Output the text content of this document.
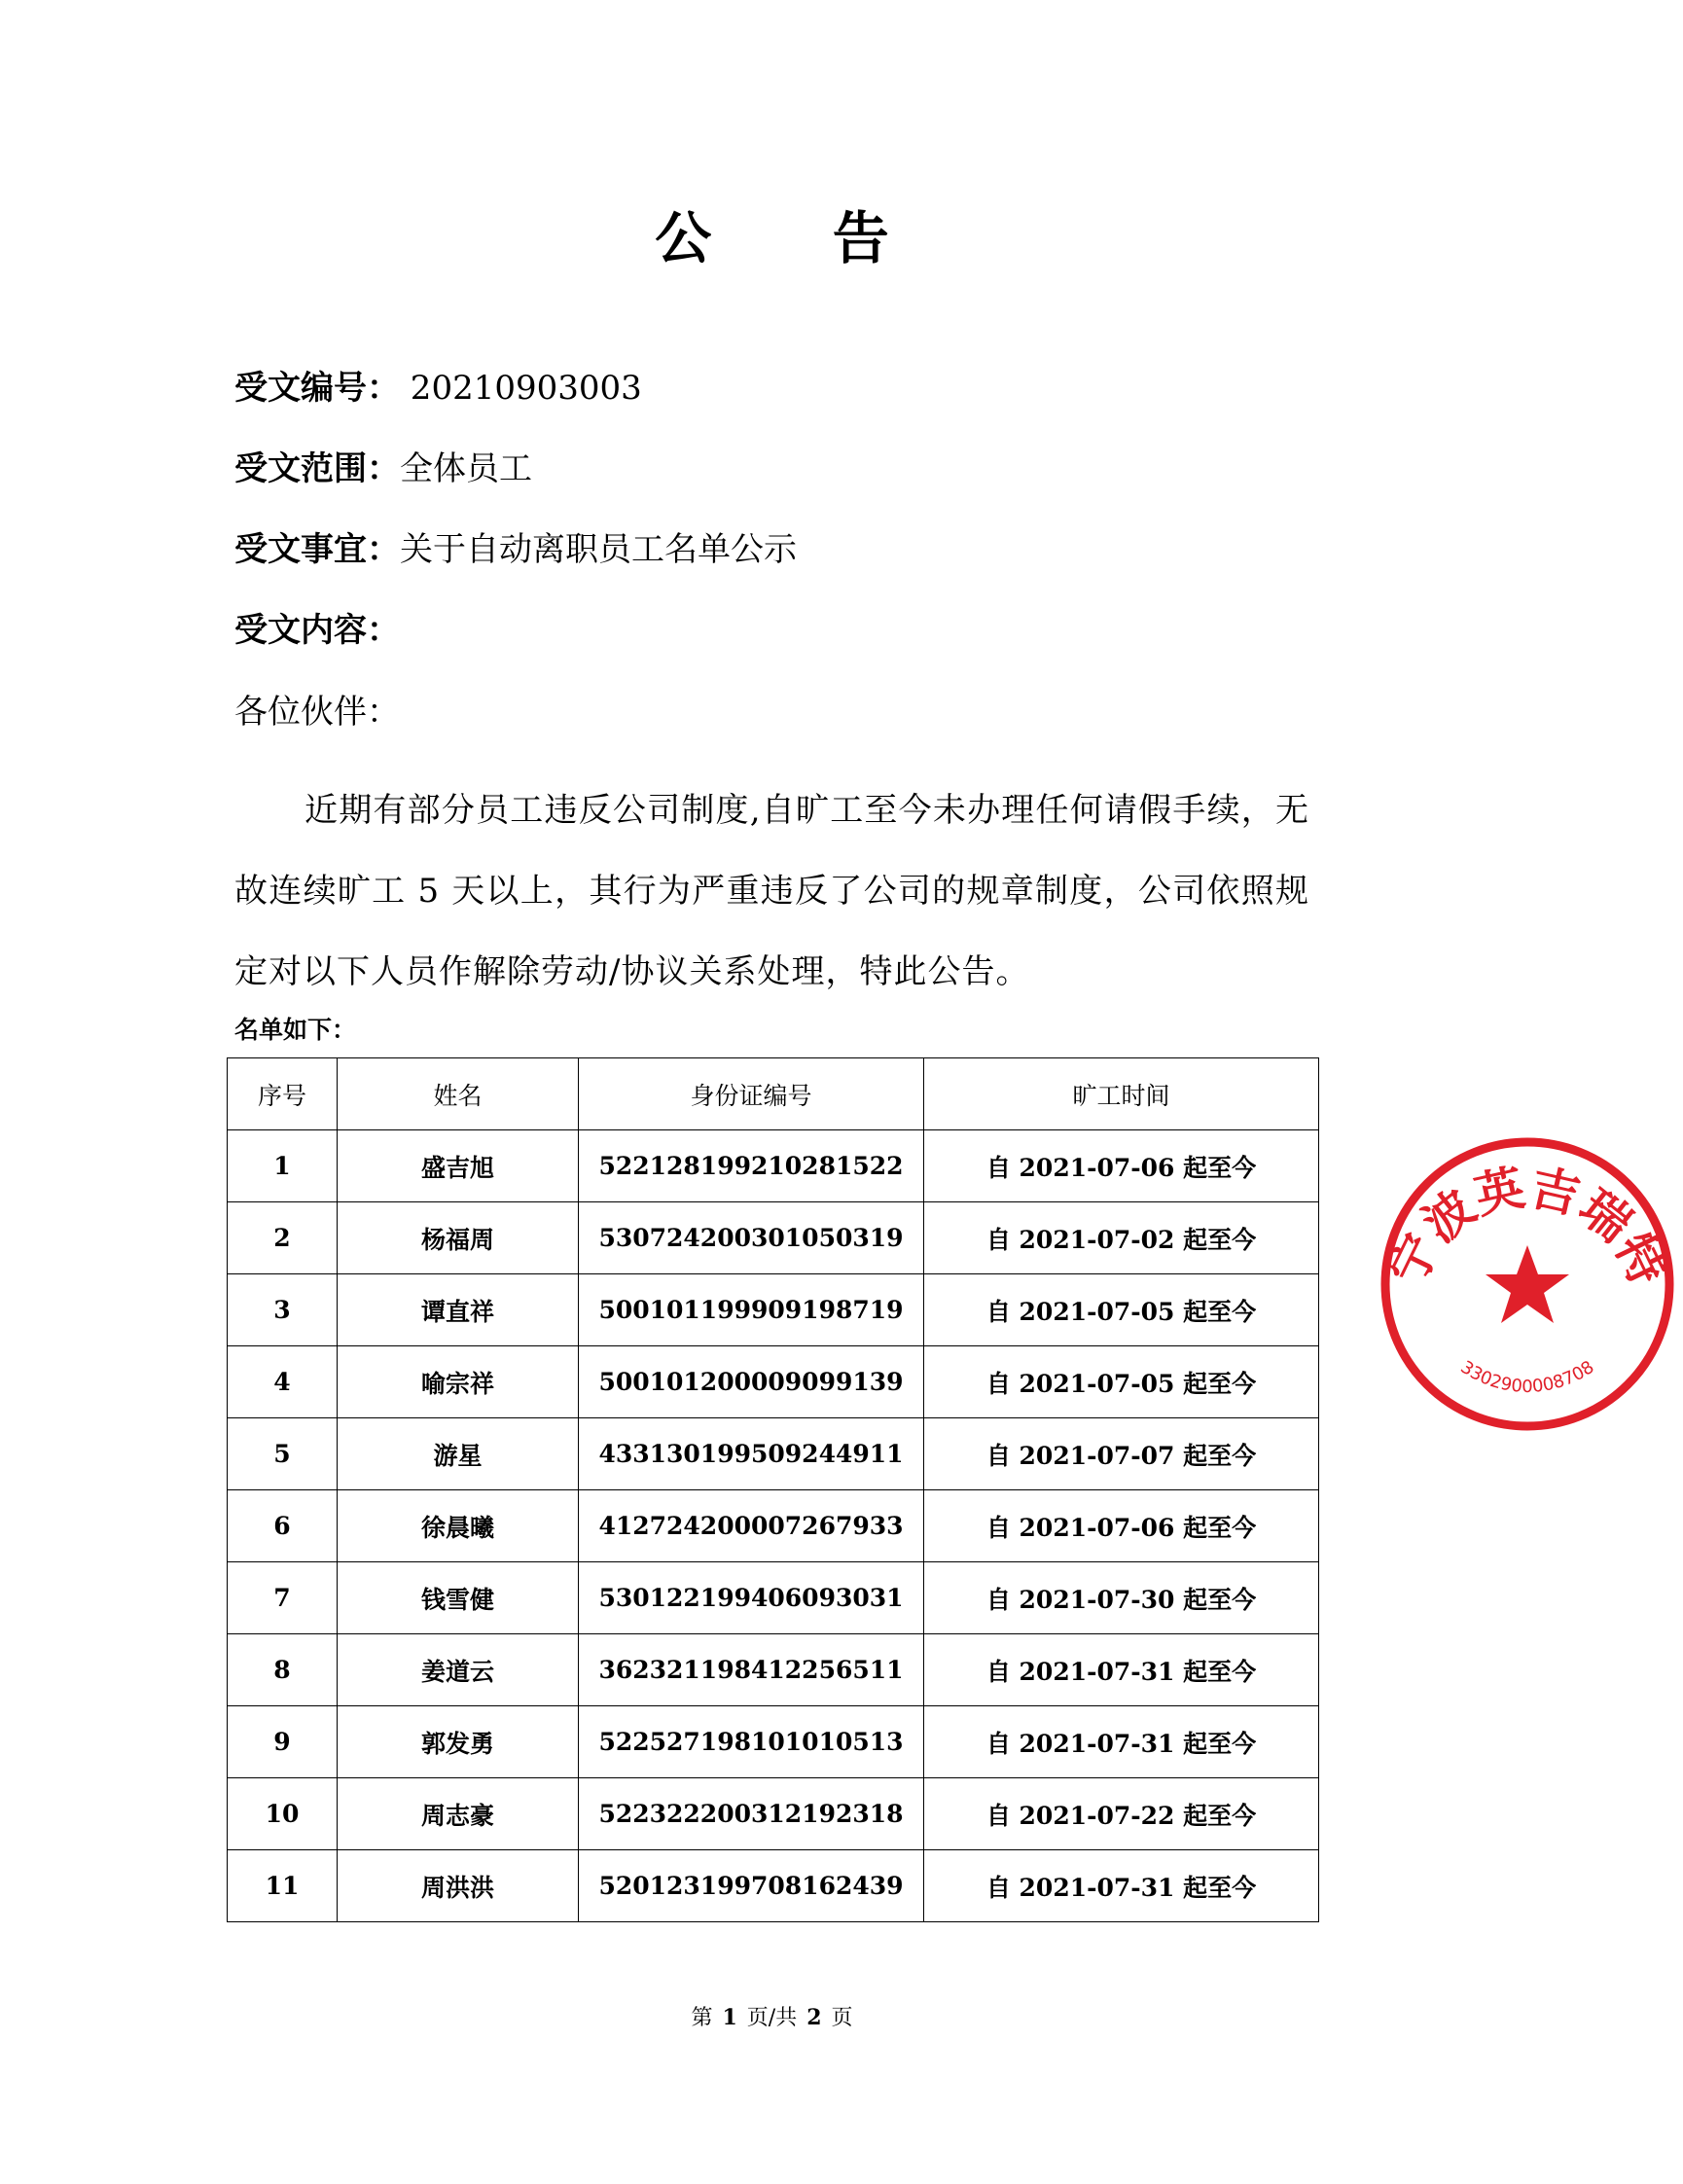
公 告
受文编号： 20210903003
受文范围：全体员工
受文事宜：关于自动离职员工名单公示
受文内容：
各位伙伴：
近期有部分员工违反公司制度,自旷工至今未办理任何请假手续，无故连续旷工 5 天以上，其行为严重违反了公司的规章制度，公司依照规定对以下人员作解除劳动/协议关系处理，特此公告。
名单如下：
序号	姓名	身份证编号	旷工时间
1	盛吉旭	522128199210281522	自 2021-07-06 起至今
2	杨福周	530724200301050319	自 2021-07-02 起至今
3	谭直祥	500101199909198719	自 2021-07-05 起至今
4	喻宗祥	500101200009099139	自 2021-07-05 起至今
5	游星	433130199509244911	自 2021-07-07 起至今
6	徐晨曦	412724200007267933	自 2021-07-06 起至今
7	钱雪健	530122199406093031	自 2021-07-30 起至今
8	姜道云	362321198412256511	自 2021-07-31 起至今
9	郭发勇	522527198101010513	自 2021-07-31 起至今
10	周志豪	522322200312192318	自 2021-07-22 起至今
11	周洪洪	520123199708162439	自 2021-07-31 起至今
宁波英吉瑞特
3302900008708
第 1 页/共 2 页
